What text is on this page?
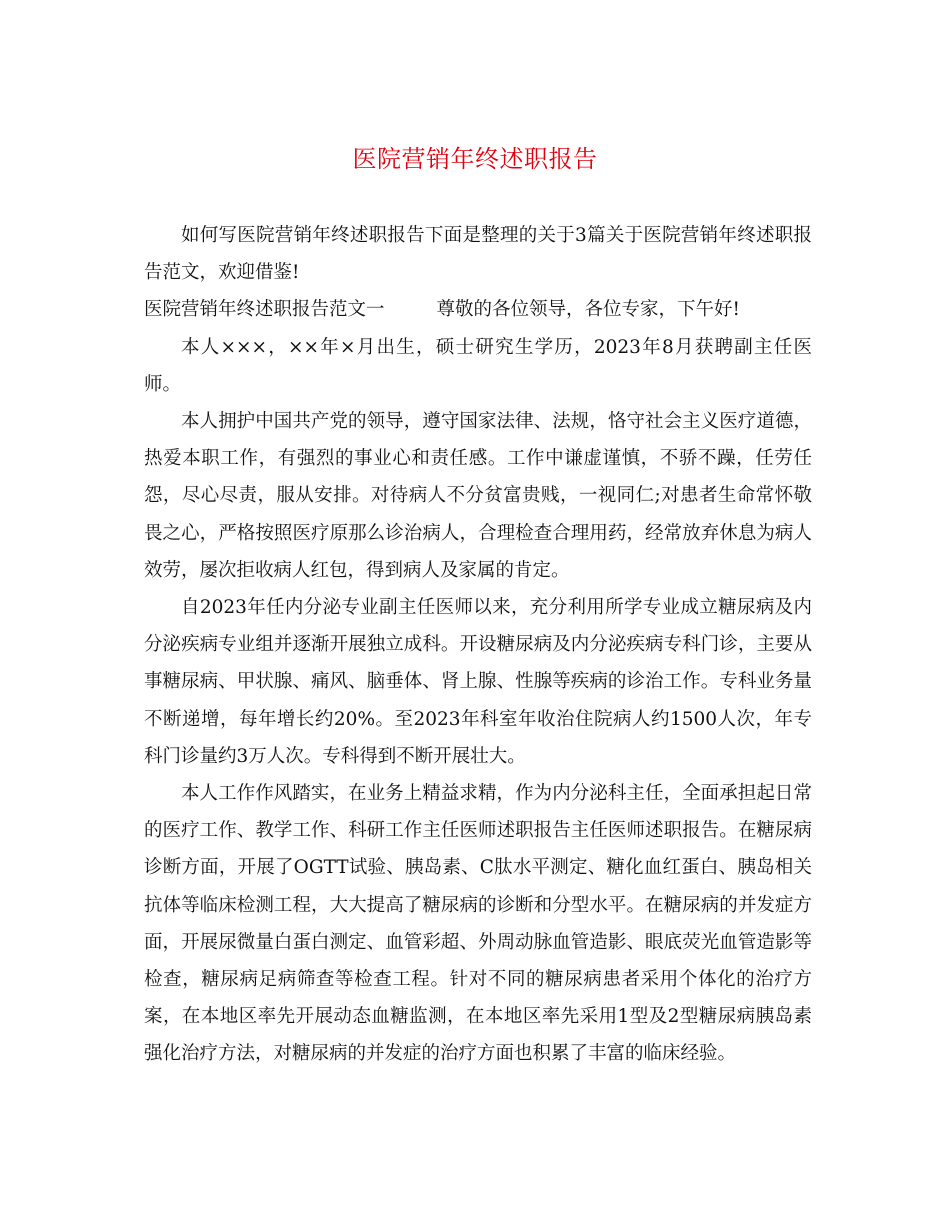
医院营销年终述职报告

如何写医院营销年终述职报告下面是整理的关于3篇关于医院营销年终述职报告范文，欢迎借鉴!

医院营销年终述职报告范文一	尊敬的各位领导，各位专家，下午好!

本人×××，××年×月出生，硕士研究生学历，2023年8月获聘副主任医师。

本人拥护中国共产党的领导，遵守国家法律、法规，恪守社会主义医疗道德，热爱本职工作，有强烈的事业心和责任感。工作中谦虚谨慎，不骄不躁，任劳任怨，尽心尽责，服从安排。对待病人不分贫富贵贱，一视同仁;对患者生命常怀敬畏之心，严格按照医疗原那么诊治病人，合理检查合理用药，经常放弃休息为病人效劳，屡次拒收病人红包，得到病人及家属的肯定。

自2023年任内分泌专业副主任医师以来，充分利用所学专业成立糖尿病及内分泌疾病专业组并逐渐开展独立成科。开设糖尿病及内分泌疾病专科门诊，主要从事糖尿病、甲状腺、痛风、脑垂体、肾上腺、性腺等疾病的诊治工作。专科业务量不断递增，每年增长约20%。至2023年科室年收治住院病人约1500人次，年专科门诊量约3万人次。专科得到不断开展壮大。

本人工作作风踏实，在业务上精益求精，作为内分泌科主任，全面承担起日常的医疗工作、教学工作、科研工作主任医师述职报告主任医师述职报告。在糖尿病诊断方面，开展了OGTT试验、胰岛素、C肽水平测定、糖化血红蛋白、胰岛相关抗体等临床检测工程，大大提高了糖尿病的诊断和分型水平。在糖尿病的并发症方面，开展尿微量白蛋白测定、血管彩超、外周动脉血管造影、眼底荧光血管造影等检查，糖尿病足病筛查等检查工程。针对不同的糖尿病患者采用个体化的治疗方案，在本地区率先开展动态血糖监测，在本地区率先采用1型及2型糖尿病胰岛素强化治疗方法，对糖尿病的并发症的治疗方面也积累了丰富的临床经验。
